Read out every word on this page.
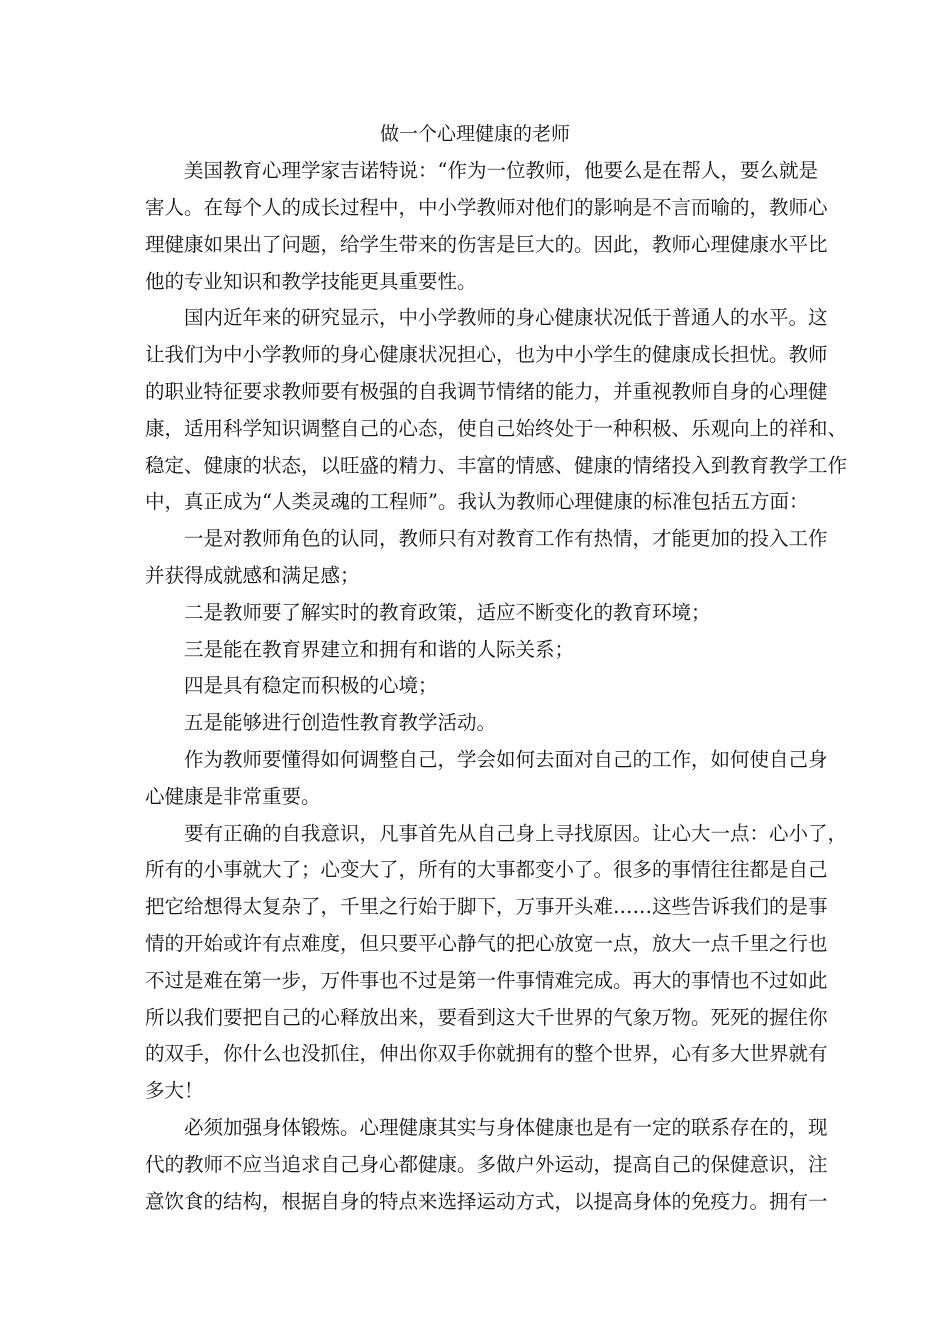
做一个心理健康的老师
美国教育心理学家吉诺特说：“作为一位教师，他要么是在帮人，要么就是
害人。在每个人的成长过程中，中小学教师对他们的影响是不言而喻的，教师心
理健康如果出了问题，给学生带来的伤害是巨大的。因此，教师心理健康水平比
他的专业知识和教学技能更具重要性。
国内近年来的研究显示，中小学教师的身心健康状况低于普通人的水平。这
让我们为中小学教师的身心健康状况担心，也为中小学生的健康成长担忧。教师
的职业特征要求教师要有极强的自我调节情绪的能力，并重视教师自身的心理健
康，适用科学知识调整自己的心态，使自己始终处于一种积极、乐观向上的祥和、
稳定、健康的状态，以旺盛的精力、丰富的情感、健康的情绪投入到教育教学工作
中，真正成为“人类灵魂的工程师”。我认为教师心理健康的标准包括五方面：
一是对教师角色的认同，教师只有对教育工作有热情，才能更加的投入工作
并获得成就感和满足感；
二是教师要了解实时的教育政策，适应不断变化的教育环境；
三是能在教育界建立和拥有和谐的人际关系；
四是具有稳定而积极的心境；
五是能够进行创造性教育教学活动。
作为教师要懂得如何调整自己，学会如何去面对自己的工作，如何使自己身
心健康是非常重要。
要有正确的自我意识，凡事首先从自己身上寻找原因。让心大一点：心小了，
所有的小事就大了；心变大了，所有的大事都变小了。很多的事情往往都是自己
把它给想得太复杂了，千里之行始于脚下，万事开头难……这些告诉我们的是事
情的开始或许有点难度，但只要平心静气的把心放宽一点，放大一点千里之行也
不过是难在第一步，万件事也不过是第一件事情难完成。再大的事情也不过如此
所以我们要把自己的心释放出来，要看到这大千世界的气象万物。死死的握住你
的双手，你什么也没抓住，伸出你双手你就拥有的整个世界，心有多大世界就有
多大！
必须加强身体锻炼。心理健康其实与身体健康也是有一定的联系存在的，现
代的教师不应当追求自己身心都健康。多做户外运动，提高自己的保健意识，注
意饮食的结构，根据自身的特点来选择运动方式，以提高身体的免疫力。拥有一
